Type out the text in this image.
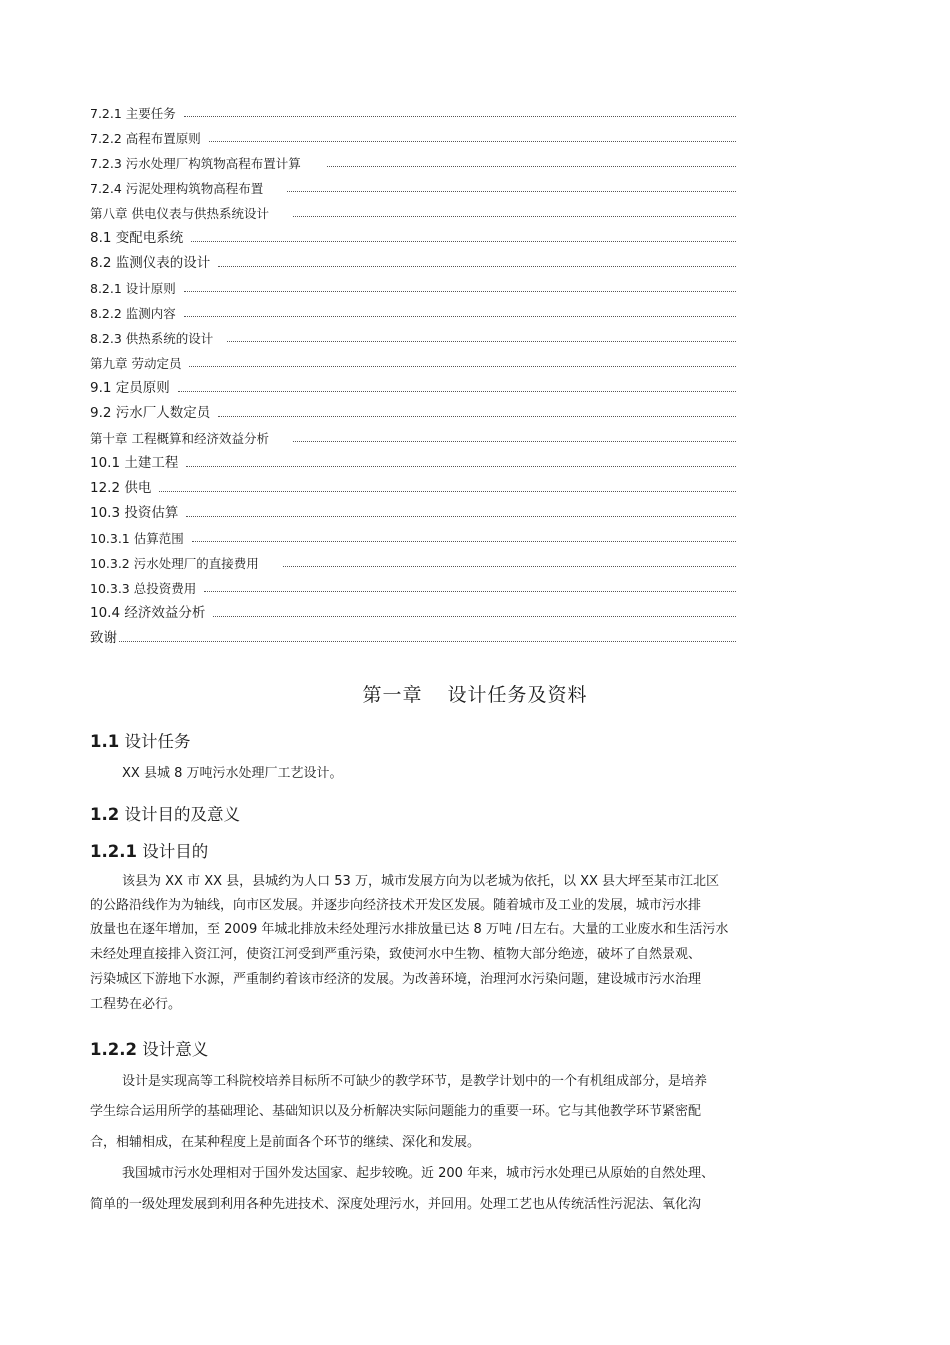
7.2.1 主要任务
7.2.2 高程布置原则
7.2.3 污水处理厂构筑物高程布置计算
7.2.4 污泥处理构筑物高程布置
第八章 供电仪表与供热系统设计
8.1 变配电系统
8.2 监测仪表的设计
8.2.1 设计原则
8.2.2 监测内容
8.2.3 供热系统的设计
第九章 劳动定员
9.1 定员原则
9.2 污水厂人数定员
第十章 工程概算和经济效益分析
10.1 土建工程
12.2 供电
10.3 投资估算
10.3.1 估算范围
10.3.2 污水处理厂的直接费用
10.3.3 总投资费用
10.4 经济效益分析
致谢
第一章 设计任务及资料
1.1 设计任务
XX 县城 8 万吨污水处理厂工艺设计。
1.2 设计目的及意义
1.2.1 设计目的
该县为 XX 市 XX 县，县城约为人口 53 万，城市发展方向为以老城为依托，以 XX 县大坪至某市江北区
的公路沿线作为为轴线，向市区发展。并逐步向经济技术开发区发展。随着城市及工业的发展，城市污水排
放量也在逐年增加，至 2009 年城北排放未经处理污水排放量已达 8 万吨 /日左右。大量的工业废水和生活污水
未经处理直接排入资江河，使资江河受到严重污染，致使河水中生物、植物大部分绝迹，破坏了自然景观、
污染城区下游地下水源，严重制约着该市经济的发展。为改善环境，治理河水污染问题，建设城市污水治理
工程势在必行。
1.2.2 设计意义
设计是实现高等工科院校培养目标所不可缺少的教学环节，是教学计划中的一个有机组成部分，是培养
学生综合运用所学的基础理论、基础知识以及分析解决实际问题能力的重要一环。它与其他教学环节紧密配
合，相辅相成，在某种程度上是前面各个环节的继续、深化和发展。
我国城市污水处理相对于国外发达国家、起步较晚。近 200 年来，城市污水处理已从原始的自然处理、
简单的一级处理发展到利用各种先进技术、深度处理污水，并回用。处理工艺也从传统活性污泥法、氧化沟
